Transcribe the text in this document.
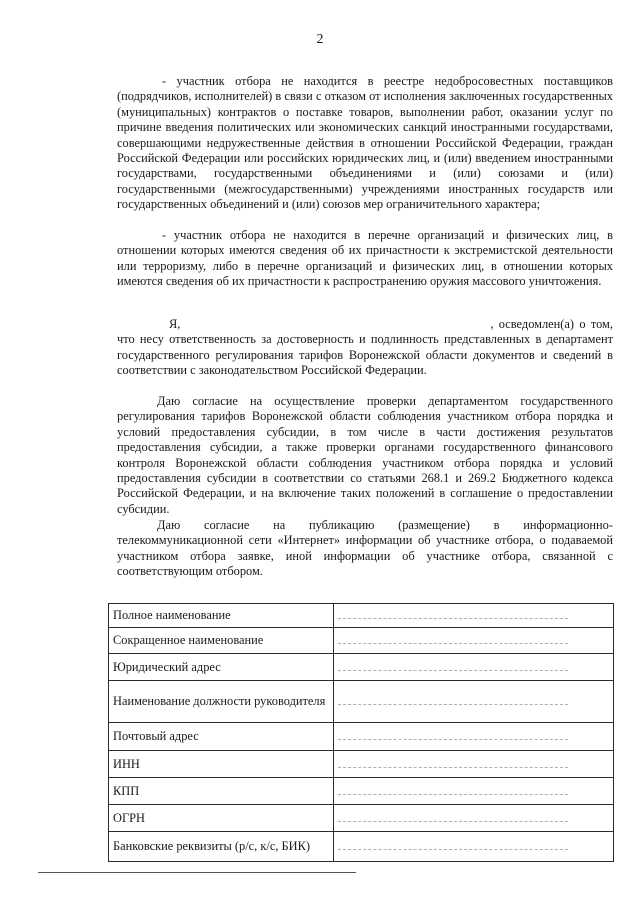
2

- участник отбора не находится в реестре недобросовестных поставщиков (подрядчиков, исполнителей) в связи с отказом от исполнения заключенных государственных (муниципальных) контрактов о поставке товаров, выполнении работ, оказании услуг по причине введения политических или экономических санкций иностранными государствами, совершающими недружественные действия в отношении Российской Федерации, граждан Российской Федерации или российских юридических лиц, и (или) введением иностранными государствами, государственными объединениями и (или) союзами и (или) государственными (межгосударственными) учреждениями иностранных государств или государственных объединений и (или) союзов мер ограничительного характера;

- участник отбора не находится в перечне организаций и физических лиц, в отношении которых имеются сведения об их причастности к экстремистской деятельности или терроризму, либо в перечне организаций и физических лиц, в отношении которых имеются сведения об их причастности к распространению оружия массового уничтожения.

Я,	, осведомлен(а) о том, что несу ответственность за достоверность и подлинность представленных в департамент государственного регулирования тарифов Воронежской области документов и сведений в соответствии с законодательством Российской Федерации.

Даю согласие на осуществление проверки департаментом государственного регулирования тарифов Воронежской области соблюдения участником отбора порядка и условий предоставления субсидии, в том числе в части достижения результатов предоставления субсидии, а также проверки органами государственного финансового контроля Воронежской области соблюдения участником отбора порядка и условий предоставления субсидии в соответствии со статьями 268.1 и 269.2 Бюджетного кодекса Российской Федерации, и на включение таких положений в соглашение о предоставлении субсидии.

Даю согласие на публикацию (размещение) в информационно-телекоммуникационной сети «Интернет» информации об участнике отбора, о подаваемой участником отбора заявке, иной информации об участнике отбора, связанной с соответствующим отбором.

Полное наименование	

Сокращенное наименование	

Юридический адрес	

Наименование должности руководителя	

Почтовый адрес	

ИНН	

КПП	

ОГРН	

Банковские реквизиты (р/с, к/с, БИК)	
